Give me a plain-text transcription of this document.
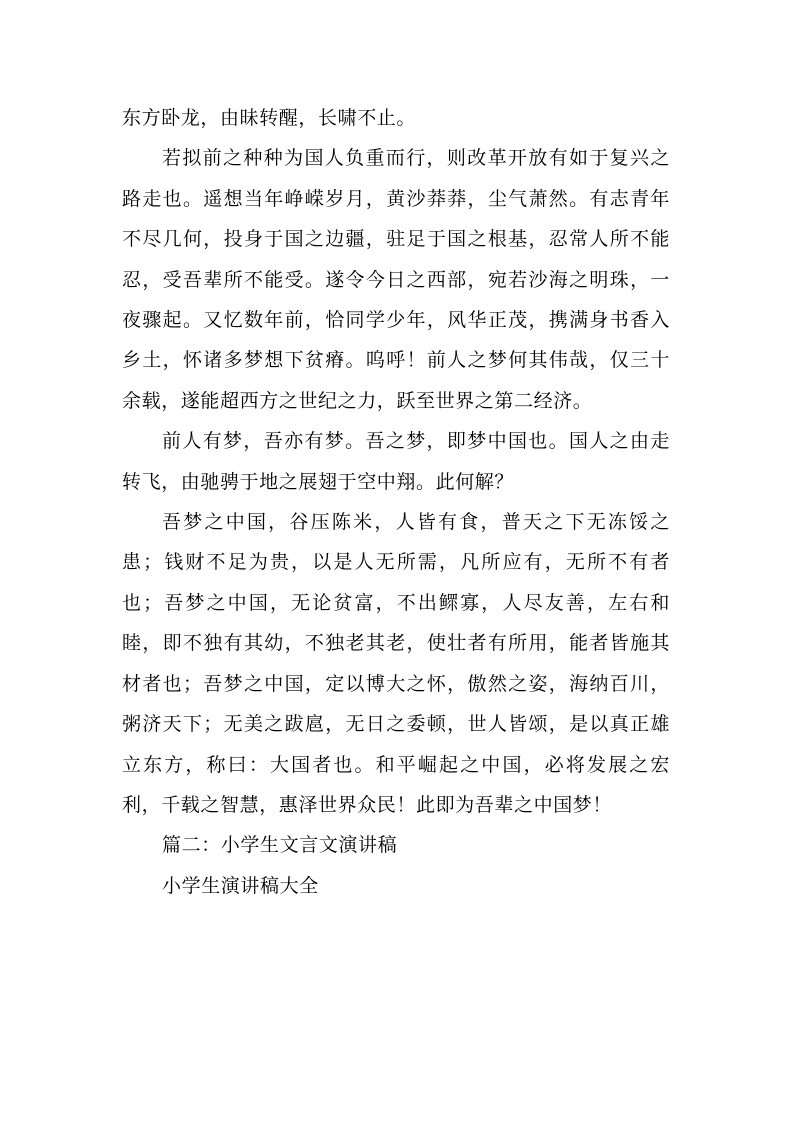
东方卧龙，由昧转醒，长啸不止。

若拟前之种种为国人负重而行，则改革开放有如于复兴之路走也。遥想当年峥嵘岁月，黄沙莽莽，尘气萧然。有志青年不尽几何，投身于国之边疆，驻足于国之根基，忍常人所不能忍，受吾辈所不能受。遂令今日之西部，宛若沙海之明珠，一夜骤起。又忆数年前，恰同学少年，风华正茂，携满身书香入乡土，怀诸多梦想下贫瘠。呜呼！前人之梦何其伟哉，仅三十余载，遂能超西方之世纪之力，跃至世界之第二经济。

前人有梦，吾亦有梦。吾之梦，即梦中国也。国人之由走转飞，由驰骋于地之展翅于空中翔。此何解？

吾梦之中国，谷压陈米，人皆有食，普天之下无冻馁之患；钱财不足为贵，以是人无所需，凡所应有，无所不有者也；吾梦之中国，无论贫富，不出鳏寡，人尽友善，左右和睦，即不独有其幼，不独老其老，使壮者有所用，能者皆施其材者也；吾梦之中国，定以博大之怀，傲然之姿，海纳百川，粥济天下；无美之跋扈，无日之委顿，世人皆颂，是以真正雄立东方，称曰：大国者也。和平崛起之中国，必将发展之宏利，千载之智慧，惠泽世界众民！此即为吾辈之中国梦！

篇二：小学生文言文演讲稿

小学生演讲稿大全
